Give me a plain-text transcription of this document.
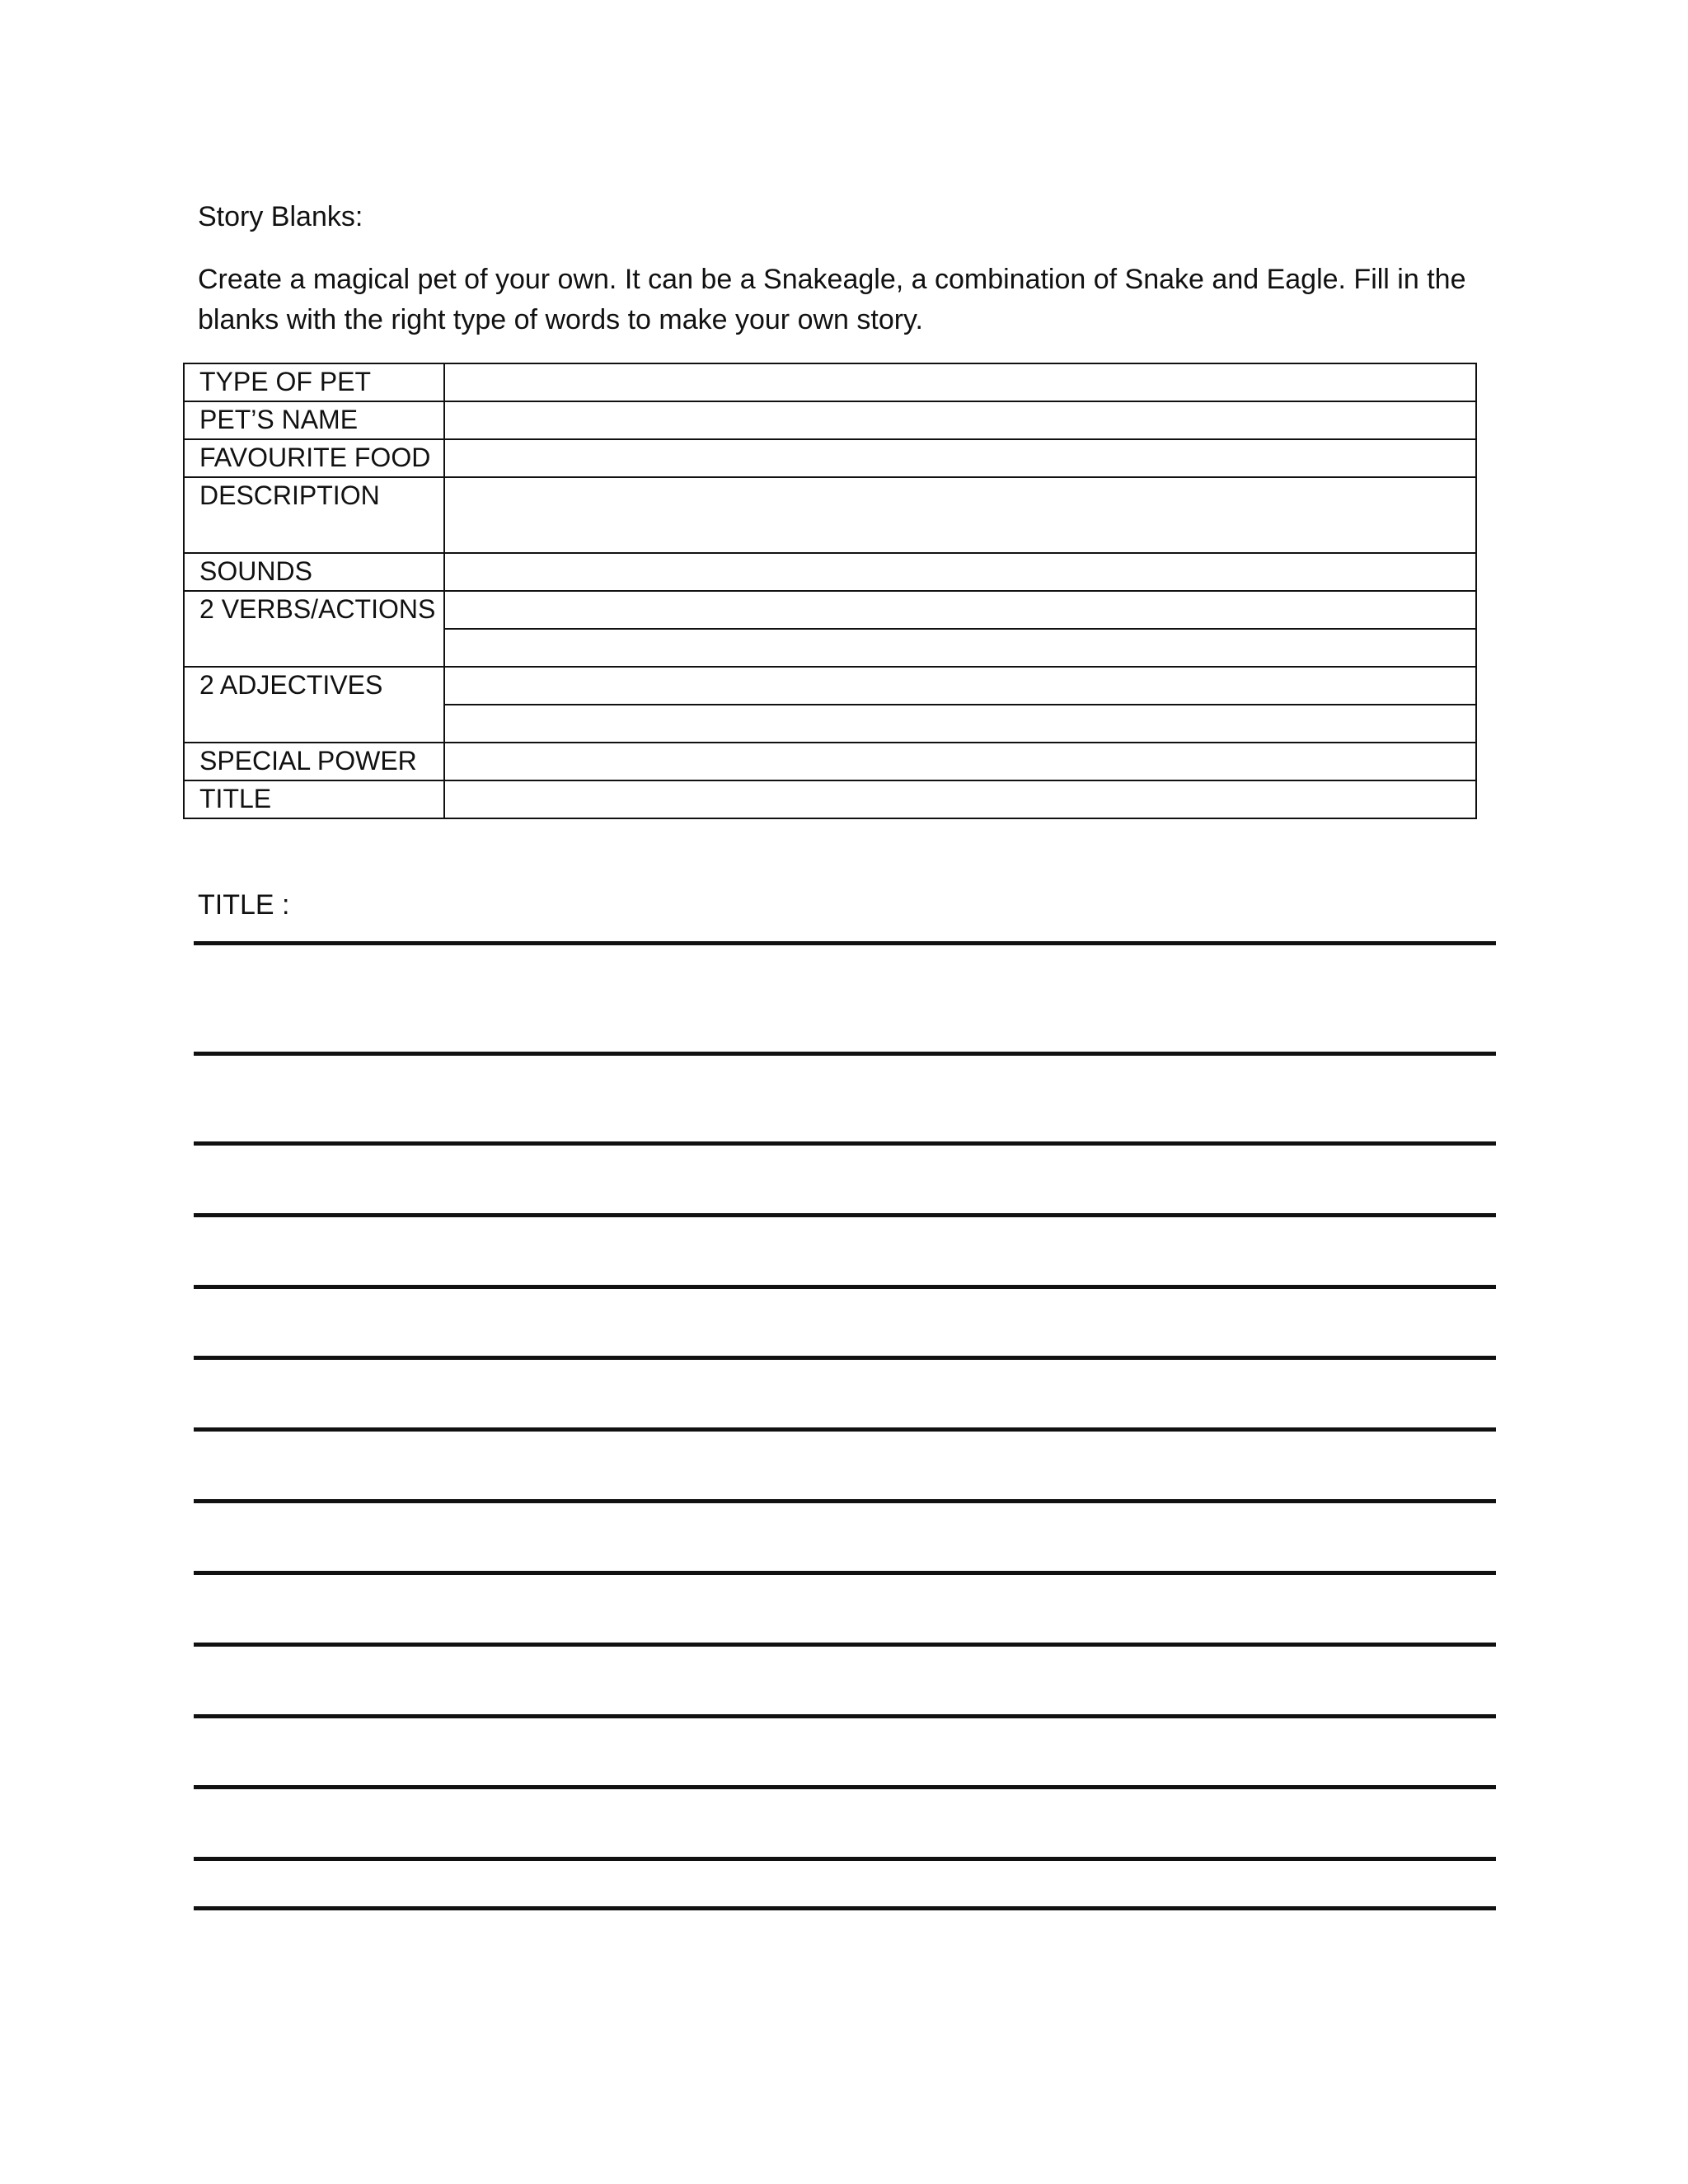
Story Blanks:

Create a magical pet of your own. It can be a Snakeagle, a combination of Snake and Eagle. Fill in the blanks with the right type of words to make your own story.

TYPE OF PET	
PET’S NAME	
FAVOURITE FOOD	
DESCRIPTION	
SOUNDS	
2 VERBS/ACTIONS	

2 ADJECTIVES	

SPECIAL POWER	
TITLE	
TITLE :
